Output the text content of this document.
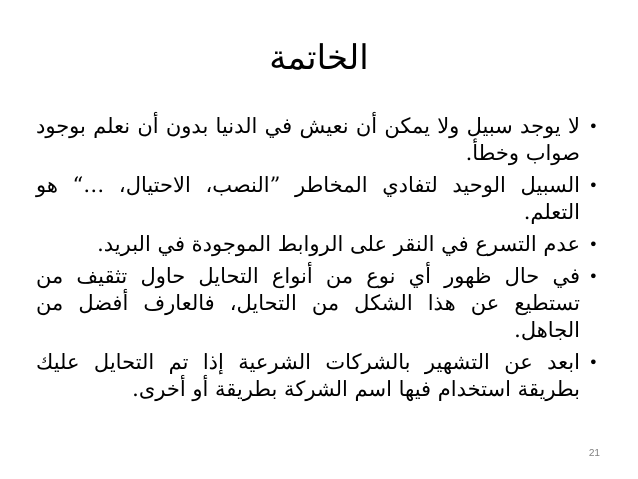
الخاتمة
•
لا يوجد سبيل ولا يمكن أن نعيش في الدنيا بدون أن نعلم بوجود صواب وخطأ.
•
السبيل الوحيد لتفادي المخاطر ”النصب، الاحتيال، …“ هو التعلم.
•
عدم التسرع في النقر على الروابط الموجودة في البريد.
•
في حال ظهور أي نوع من أنواع التحايل حاول تثقيف من تستطيع عن هذا الشكل من التحايل، فالعارف أفضل من الجاهل.
•
ابعد عن التشهير بالشركات الشرعية إذا تم التحايل عليك بطريقة استخدام فيها اسم الشركة بطريقة أو أخرى.
21
